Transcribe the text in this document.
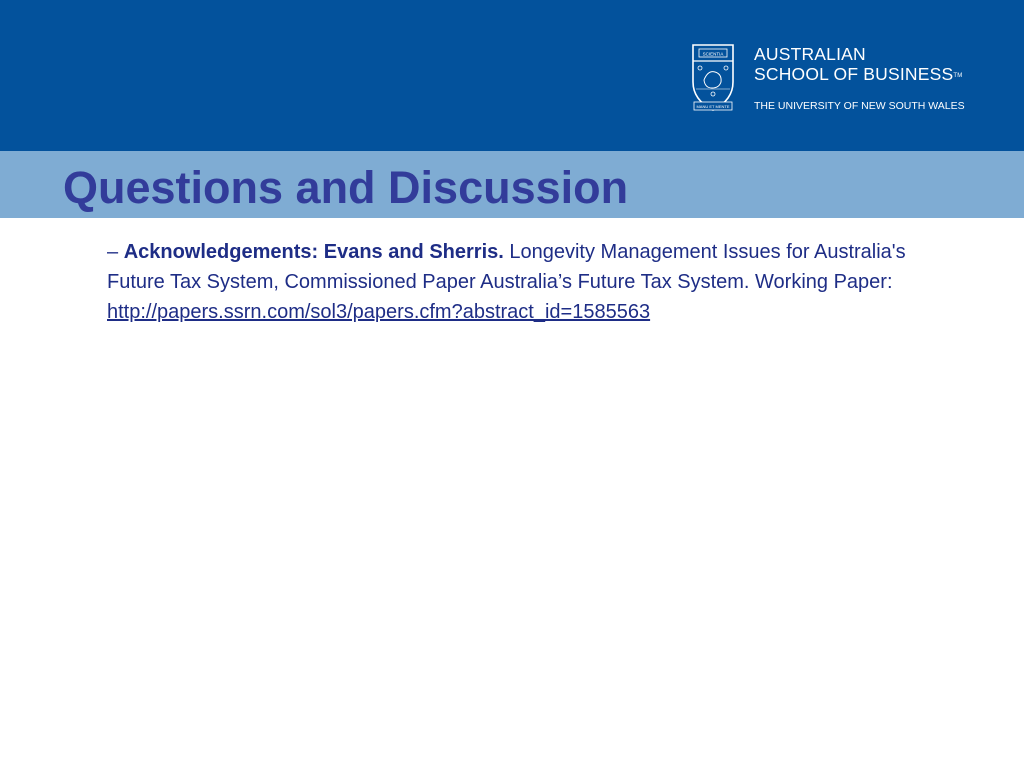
SCIENTIA
MANU ET MENTE
AUSTRALIAN
SCHOOL OF BUSINESS™
THE UNIVERSITY OF NEW SOUTH WALES
Questions and Discussion

– Acknowledgements: Evans and Sherris. Longevity Management Issues for Australia's Future Tax System, Commissioned Paper Australia’s Future Tax System. Working Paper:
http://papers.ssrn.com/sol3/papers.cfm?abstract_id=1585563
